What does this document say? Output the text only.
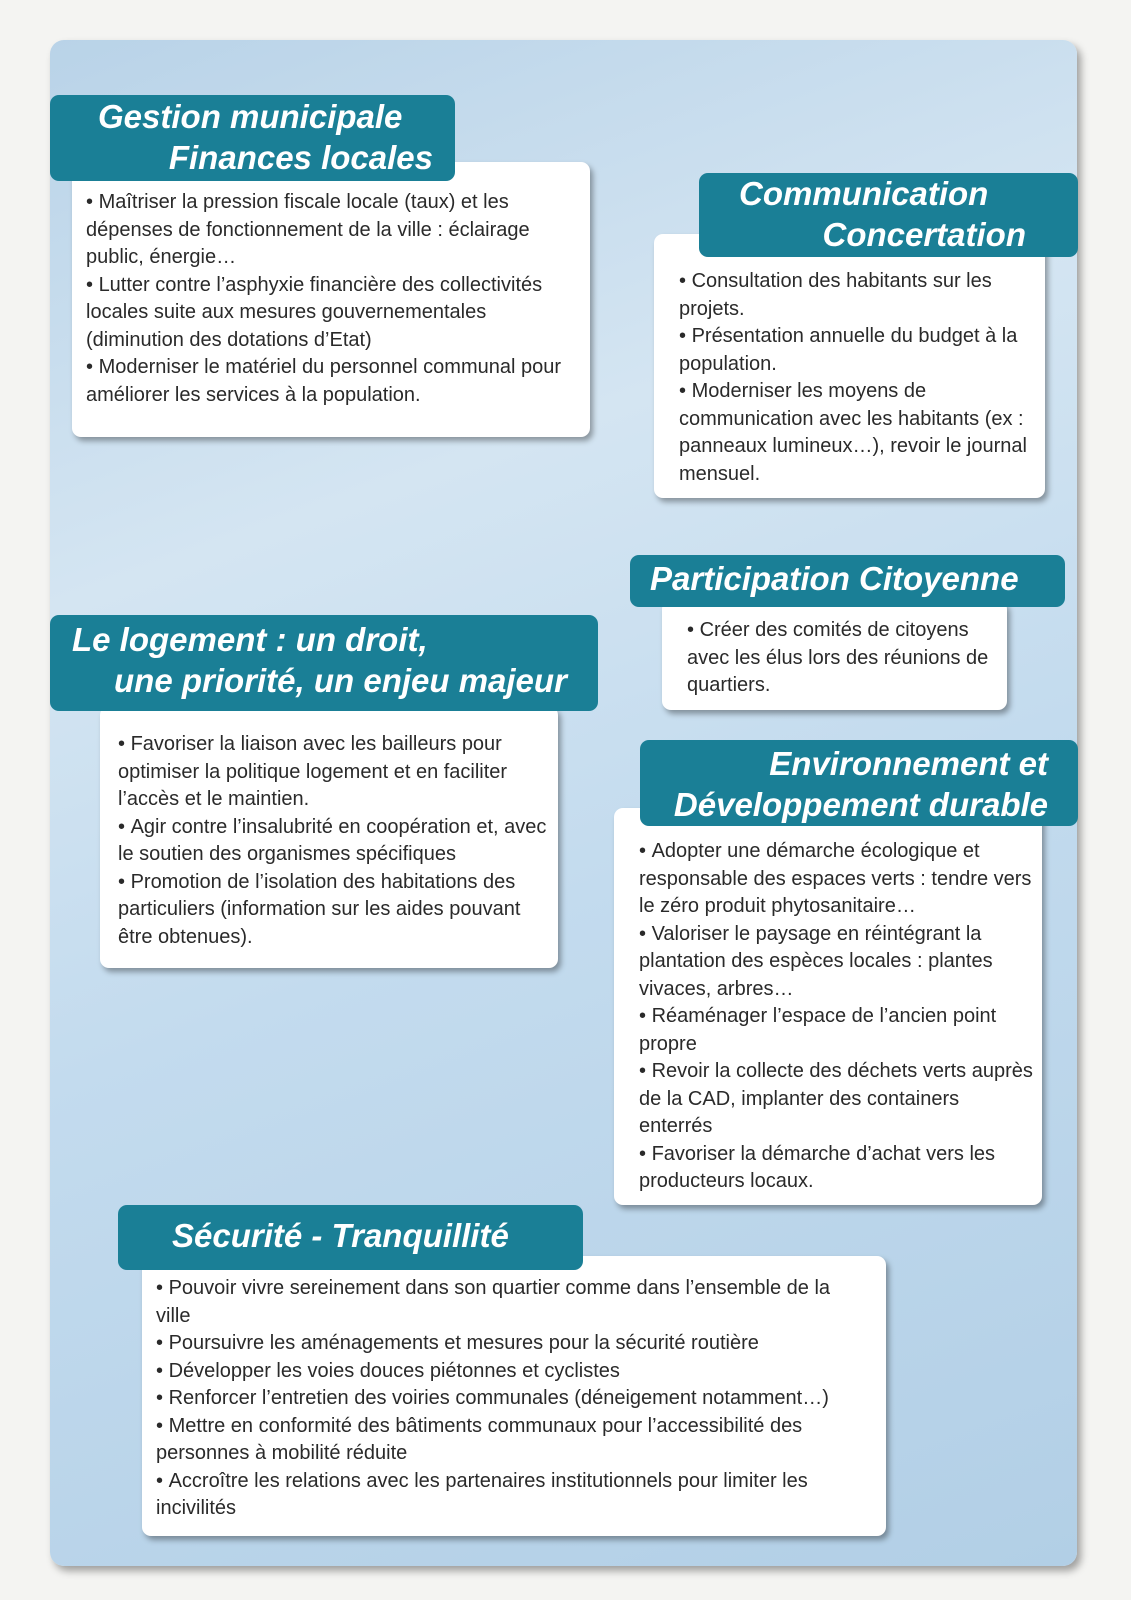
Gestion municipale
Finances locales
• Maîtriser la pression fiscale locale (taux) et les dépenses de fonctionnement de la ville : éclairage public, énergie…
• Lutter contre l’asphyxie financière des collectivités locales suite aux mesures gouvernementales (diminution des dotations d’Etat)
• Moderniser le matériel du personnel communal pour améliorer les services à la population.
Communication
Concertation
• Consultation des habitants sur les projets.
• Présentation annuelle du budget à la population.
• Moderniser les moyens de communication avec les habitants (ex : panneaux lumineux…), revoir le journal mensuel.
Participation Citoyenne
• Créer des comités de citoyens avec les élus lors des réunions de quartiers.
Le logement : un droit,
une priorité, un enjeu majeur
• Favoriser la liaison avec les bailleurs pour optimiser la politique logement et en faciliter l’accès et le maintien.
• Agir contre l’insalubrité en coopération et, avec le soutien des organismes spécifiques
• Promotion de l’isolation des habitations des particuliers (information sur les aides pouvant être obtenues).
Environnement et
Développement durable
• Adopter une démarche écologique et responsable des espaces verts : tendre vers le zéro produit phytosanitaire…
• Valoriser le paysage en réintégrant la plantation des espèces locales : plantes vivaces, arbres…
• Réaménager l’espace de l’ancien point propre
• Revoir la collecte des déchets verts auprès de la CAD, implanter des containers enterrés
• Favoriser la démarche d’achat vers les producteurs locaux.
Sécurité - Tranquillité
• Pouvoir vivre sereinement dans son quartier comme dans l’ensemble de la ville
• Poursuivre les aménagements et mesures pour la sécurité routière
• Développer les voies douces piétonnes et cyclistes
• Renforcer l’entretien des voiries communales (déneigement notamment…)
• Mettre en conformité des bâtiments communaux pour l’accessibilité des personnes à mobilité réduite
• Accroître les relations avec les partenaires institutionnels pour limiter les incivilités
